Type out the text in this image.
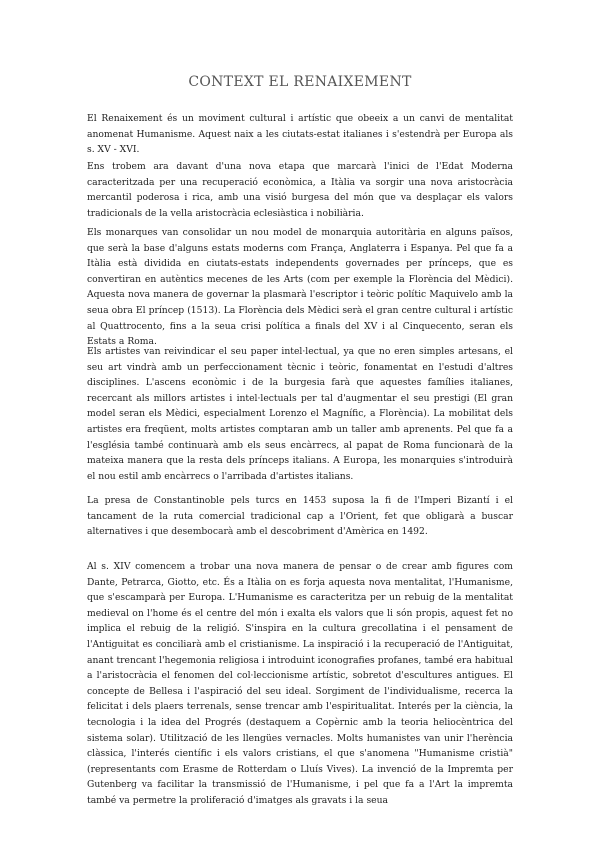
CONTEXT EL RENAIXEMENT

El Renaixement és un moviment cultural i artístic que obeeix a un canvi de mentalitat anomenat Humanisme. Aquest naix a les ciutats-estat italianes i s'estendrà per Europa als s. XV - XVI.

Ens trobem ara davant d'una nova etapa que marcarà l'inici de l'Edat Moderna caracteritzada per una recuperació econòmica, a Itàlia va sorgir una nova aristocràcia mercantil poderosa i rica, amb una visió burgesa del món que va desplaçar els valors tradicionals de la vella aristocràcia eclesiàstica i nobiliària.

Els monarques van consolidar un nou model de monarquia autoritària en alguns països, que serà la base d'alguns estats moderns com França, Anglaterra i Espanya. Pel que fa a Itàlia està dividida en ciutats-estats independents governades per prínceps, que es convertiran en autèntics mecenes de les Arts (com per exemple la Florència del Mèdici). Aquesta nova manera de governar la plasmarà l'escriptor i teòric polític Maquivelo amb la seua obra El príncep (1513). La Florència dels Mèdici serà el gran centre cultural i artístic al Quattrocento, fins a la seua crisi política a finals del XV i al Cinquecento, seran els Estats a Roma.

Els artistes van reivindicar el seu paper intel·lectual, ya que no eren simples artesans, el seu art vindrà amb un perfeccionament tècnic i teòric, fonamentat en l'estudi d'altres disciplines. L'ascens econòmic i de la burgesia farà que aquestes famílies italianes, recercant als millors artistes i intel·lectuals per tal d'augmentar el seu prestigi (El gran model seran els Mèdici, especialment Lorenzo el Magnífic, a Florència). La mobilitat dels artistes era freqüent, molts artistes comptaran amb un taller amb aprenents. Pel que fa a l'església també continuarà amb els seus encàrrecs, al papat de Roma funcionarà de la mateixa manera que la resta dels prínceps italians. A Europa, les monarquies s'introduirà el nou estil amb encàrrecs o l'arribada d'artistes italians.

La presa de Constantinoble pels turcs en 1453 suposa la fi de l'Imperi Bizantí i el tancament de la ruta comercial tradicional cap a l'Orient, fet que obligarà a buscar alternatives i que desembocarà amb el descobriment d'Amèrica en 1492.

Al s. XIV comencem a trobar una nova manera de pensar o de crear amb figures com Dante, Petrarca, Giotto, etc. És a Itàlia on es forja aquesta nova mentalitat, l'Humanisme, que s'escamparà per Europa. L'Humanisme es caracteritza per un rebuig de la mentalitat medieval on l'home és el centre del món i exalta els valors que li són propis, aquest fet no implica el rebuig de la religió. S'inspira en la cultura grecollatina i el pensament de l'Antiguitat es conciliarà amb el cristianisme. La inspiració i la recuperació de l'Antiguitat, anant trencant l'hegemonia religiosa i introduint iconografies profanes, també era habitual a l'aristocràcia el fenomen del col·leccionisme artístic, sobretot d'escultures antigues. El concepte de Bellesa i l'aspiració del seu ideal. Sorgiment de l'individualisme, recerca la felicitat i dels plaers terrenals, sense trencar amb l'espiritualitat. Interés per la ciència, la tecnologia i la idea del Progrés (destaquem a Copèrnic amb la teoria heliocèntrica del sistema solar). Utilització de les llengües vernacles. Molts humanistes van unir l'herència clàssica, l'interés científic i els valors cristians, el que s'anomena "Humanisme cristià" (representants com Erasme de Rotterdam o Lluís Vives). La invenció de la Impremta per Gutenberg va facilitar la transmissió de l'Humanisme, i pel que fa a l'Art la impremta també va permetre la proliferació d'imatges als gravats i la seua
